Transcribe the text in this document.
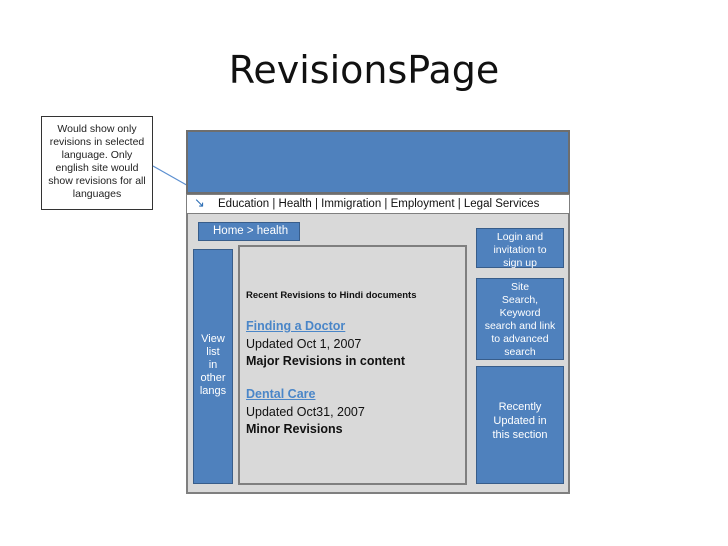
RevisionsPage
Would show only revisions in selected language. Only english site would show revisions for all languages
↘ Education | Health | Immigration | Employment | Legal Services
Home > health
View
list
in
other
langs
Recent Revisions to Hindi documents
Finding a Doctor
Updated Oct 1, 2007
Major Revisions in content
Dental Care
Updated Oct31, 2007
Minor Revisions
Login and
invitation to
sign up
Site
Search,
Keyword
search and link
to advanced
search
Recently
Updated in
this section
